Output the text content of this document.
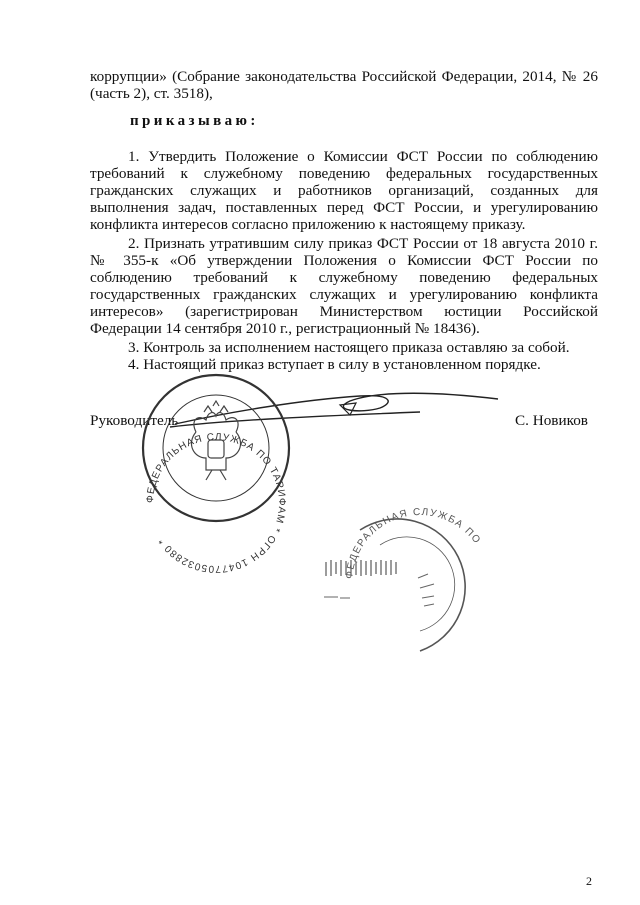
коррупции» (Собрание законодательства Российской Федерации, 2014, № 26
(часть 2), ст. 3518),
приказываю:
1. Утвердить Положение о Комиссии ФСТ России по соблюдению
требований к служебному поведению федеральных государственных
гражданских служащих и работников организаций, созданных для
выполнения задач, поставленных перед ФСТ России, и урегулированию
конфликта интересов согласно приложению к настоящему приказу.
2. Признать утратившим силу приказ ФСТ России от 18 августа 2010 г.
№ 355-к «Об утверждении Положения о Комиссии ФСТ России по
соблюдению требований к служебному поведению федеральных
государственных гражданских служащих и урегулированию конфликта
интересов» (зарегистрирован Министерством юстиции Российской
Федерации 14 сентября 2010 г., регистрационный № 18436).
3. Контроль за исполнением настоящего приказа оставляю за собой.
4. Настоящий приказ вступает в силу в установленном порядке.
Руководитель	С. Новиков
2
ФЕДЕРАЛЬНАЯ СЛУЖБА ПО ТАРИФАМ * ОГРН 1047705032880 *
ФЕДЕРАЛЬНАЯ СЛУЖБА ПО
